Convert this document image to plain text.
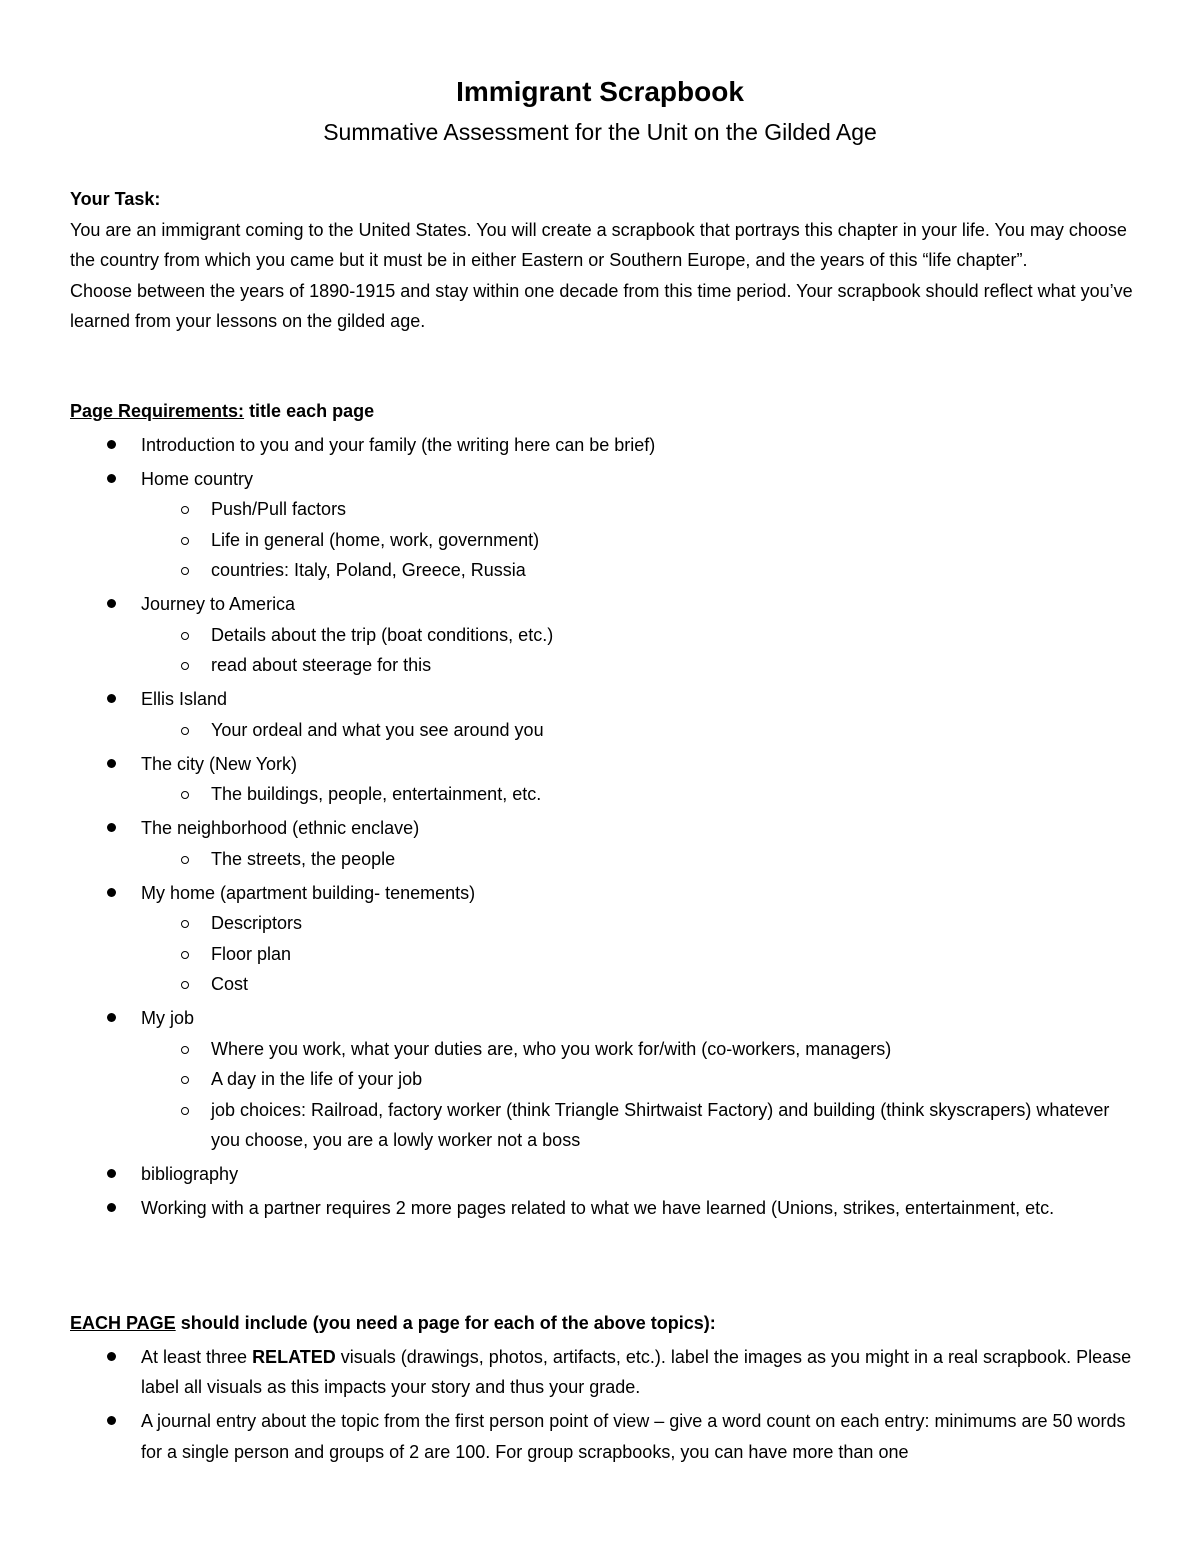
Immigrant Scrapbook
Summative Assessment for the Unit on the Gilded Age
Your Task:

You are an immigrant coming to the United States. You will create a scrapbook that portrays this chapter in your life. You may choose the country from which you came but it must be in either Eastern or Southern Europe, and the years of this “life chapter”.

Choose between the years of 1890-1915 and stay within one decade from this time period. Your scrapbook should reflect what you’ve learned from your lessons on the gilded age.

Page Requirements: title each page
Introduction to you and your family (the writing here can be brief)
Home country
Push/Pull factors
Life in general (home, work, government)
countries: Italy, Poland, Greece, Russia
Journey to America
Details about the trip (boat conditions, etc.)
read about steerage for this
Ellis Island
Your ordeal and what you see around you
The city (New York)
The buildings, people, entertainment, etc.
The neighborhood (ethnic enclave)
The streets, the people
My home (apartment building- tenements)
Descriptors
Floor plan
Cost
My job
Where you work, what your duties are, who you work for/with (co-workers, managers)
A day in the life of your job
job choices: Railroad, factory worker (think Triangle Shirtwaist Factory) and building (think skyscrapers) whatever you choose, you are a lowly worker not a boss
bibliography
Working with a partner requires 2 more pages related to what we have learned (Unions, strikes, entertainment, etc.
EACH PAGE should include (you need a page for each of the above topics):
At least three RELATED visuals (drawings, photos, artifacts, etc.). label the images as you might in a real scrapbook. Please label all visuals as this impacts your story and thus your grade.
A journal entry about the topic from the first person point of view – give a word count on each entry: minimums are 50 words for a single person and groups of 2 are 100. For group scrapbooks, you can have more than one
